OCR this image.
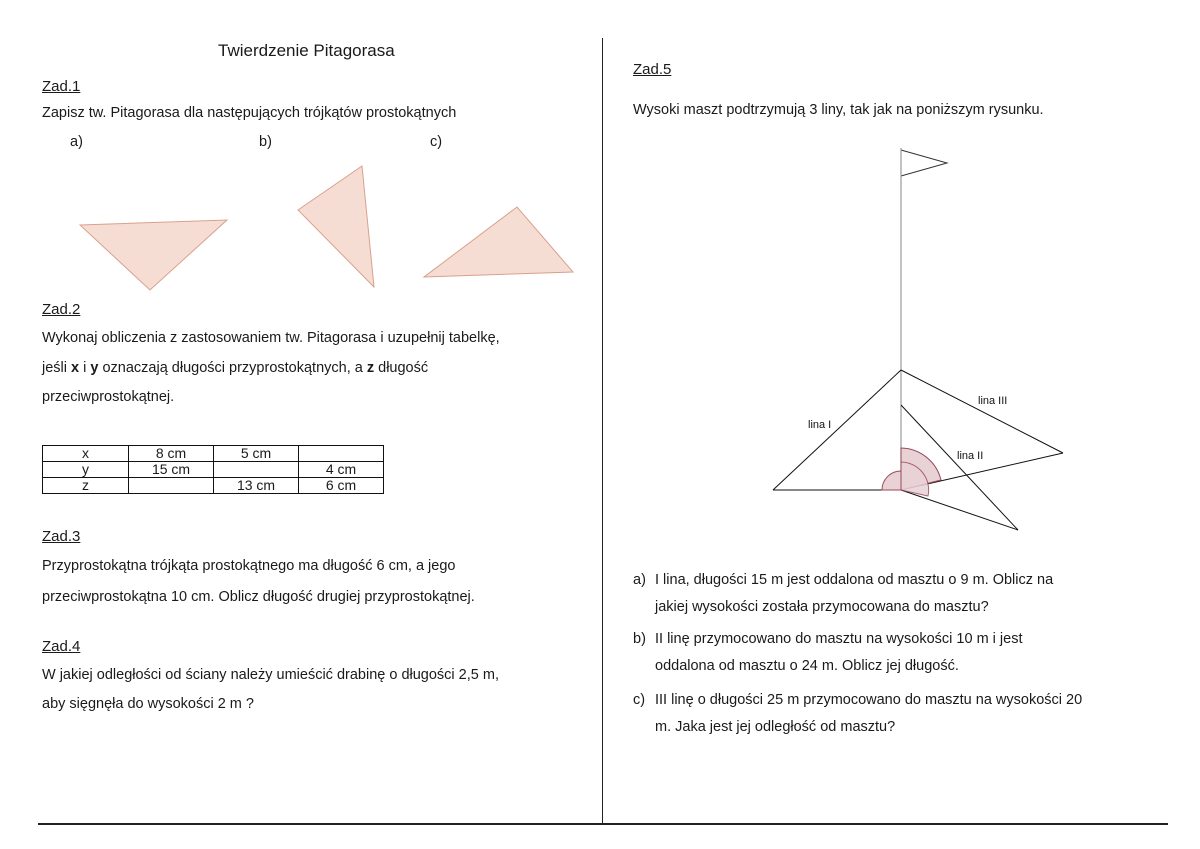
Twierdzenie Pitagorasa
Zad.1
Zapisz tw. Pitagorasa dla następujących trójkątów prostokątnych
a)	b)	c)
Zad.2
Wykonaj obliczenia z zastosowaniem tw. Pitagorasa i uzupełnij tabelkę,
jeśli x i y oznaczają długości przyprostokątnych, a z długość
przeciwprostokątnej.
x	8 cm	5 cm	
y	15 cm		4 cm
z		13 cm	6 cm
Zad.3
Przyprostokątna trójkąta prostokątnego ma długość 6 cm, a jego
przeciwprostokątna 10 cm. Oblicz długość drugiej przyprostokątnej.
Zad.4
W jakiej odległości od ściany należy umieścić drabinę o długości 2,5 m,
aby sięgnęła do wysokości 2 m ?
Zad.5
Wysoki maszt podtrzymują 3 liny, tak jak na poniższym rysunku.
lina I
lina II
lina III
a) I lina, długości 15 m jest oddalona od masztu o 9 m. Oblicz na
jakiej wysokości została przymocowana do masztu?
b) II linę przymocowano do masztu na wysokości 10 m i jest
oddalona od masztu o 24 m. Oblicz jej długość.
c) III linę o długości 25 m przymocowano do masztu na wysokości 20
m. Jaka jest jej odległość od masztu?
